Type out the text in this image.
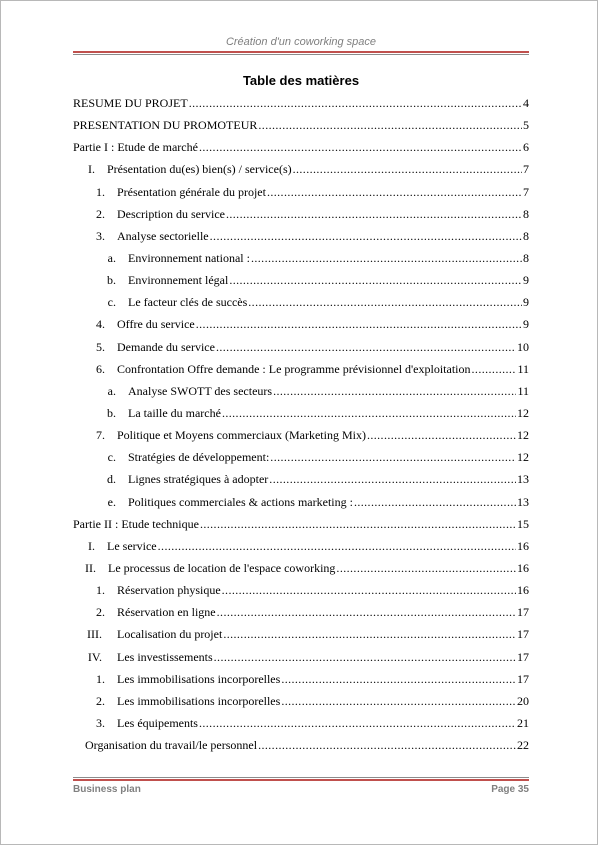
Création d'un coworking space
Table des matières
RESUME DU PROJET .....	4
PRESENTATION DU PROMOTEUR .....	5
Partie I : Etude de marché .....	6
I. Présentation du(es) bien(s) / service(s) .....	7
1. Présentation générale du projet .....	7
2. Description du service .....	8
3. Analyse sectorielle .....	8
a. Environnement national : .....	8
b. Environnement légal .....	9
c. Le facteur clés de succès .....	9
4. Offre du service .....	9
5. Demande du service .....	10
6. Confrontation Offre demande : Le programme prévisionnel d'exploitation .....	11
a. Analyse SWOTT des secteurs .....	11
b. La taille du marché .....	12
7. Politique et Moyens commerciaux (Marketing Mix) .....	12
c. Stratégies de développement: .....	12
d. Lignes stratégiques à adopter .....	13
e. Politiques commerciales & actions marketing : .....	13
Partie II : Etude technique .....	15
I. Le service .....	16
II. Le processus de location de l'espace coworking .....	16
1. Réservation physique .....	16
2. Réservation en ligne .....	17
III. Localisation du projet .....	17
IV. Les investissements .....	17
1. Les immobilisations incorporelles .....	17
2. Les immobilisations incorporelles .....	20
3. Les équipements .....	21
Organisation du travail/le personnel .....	22
Business plan	Page 35
